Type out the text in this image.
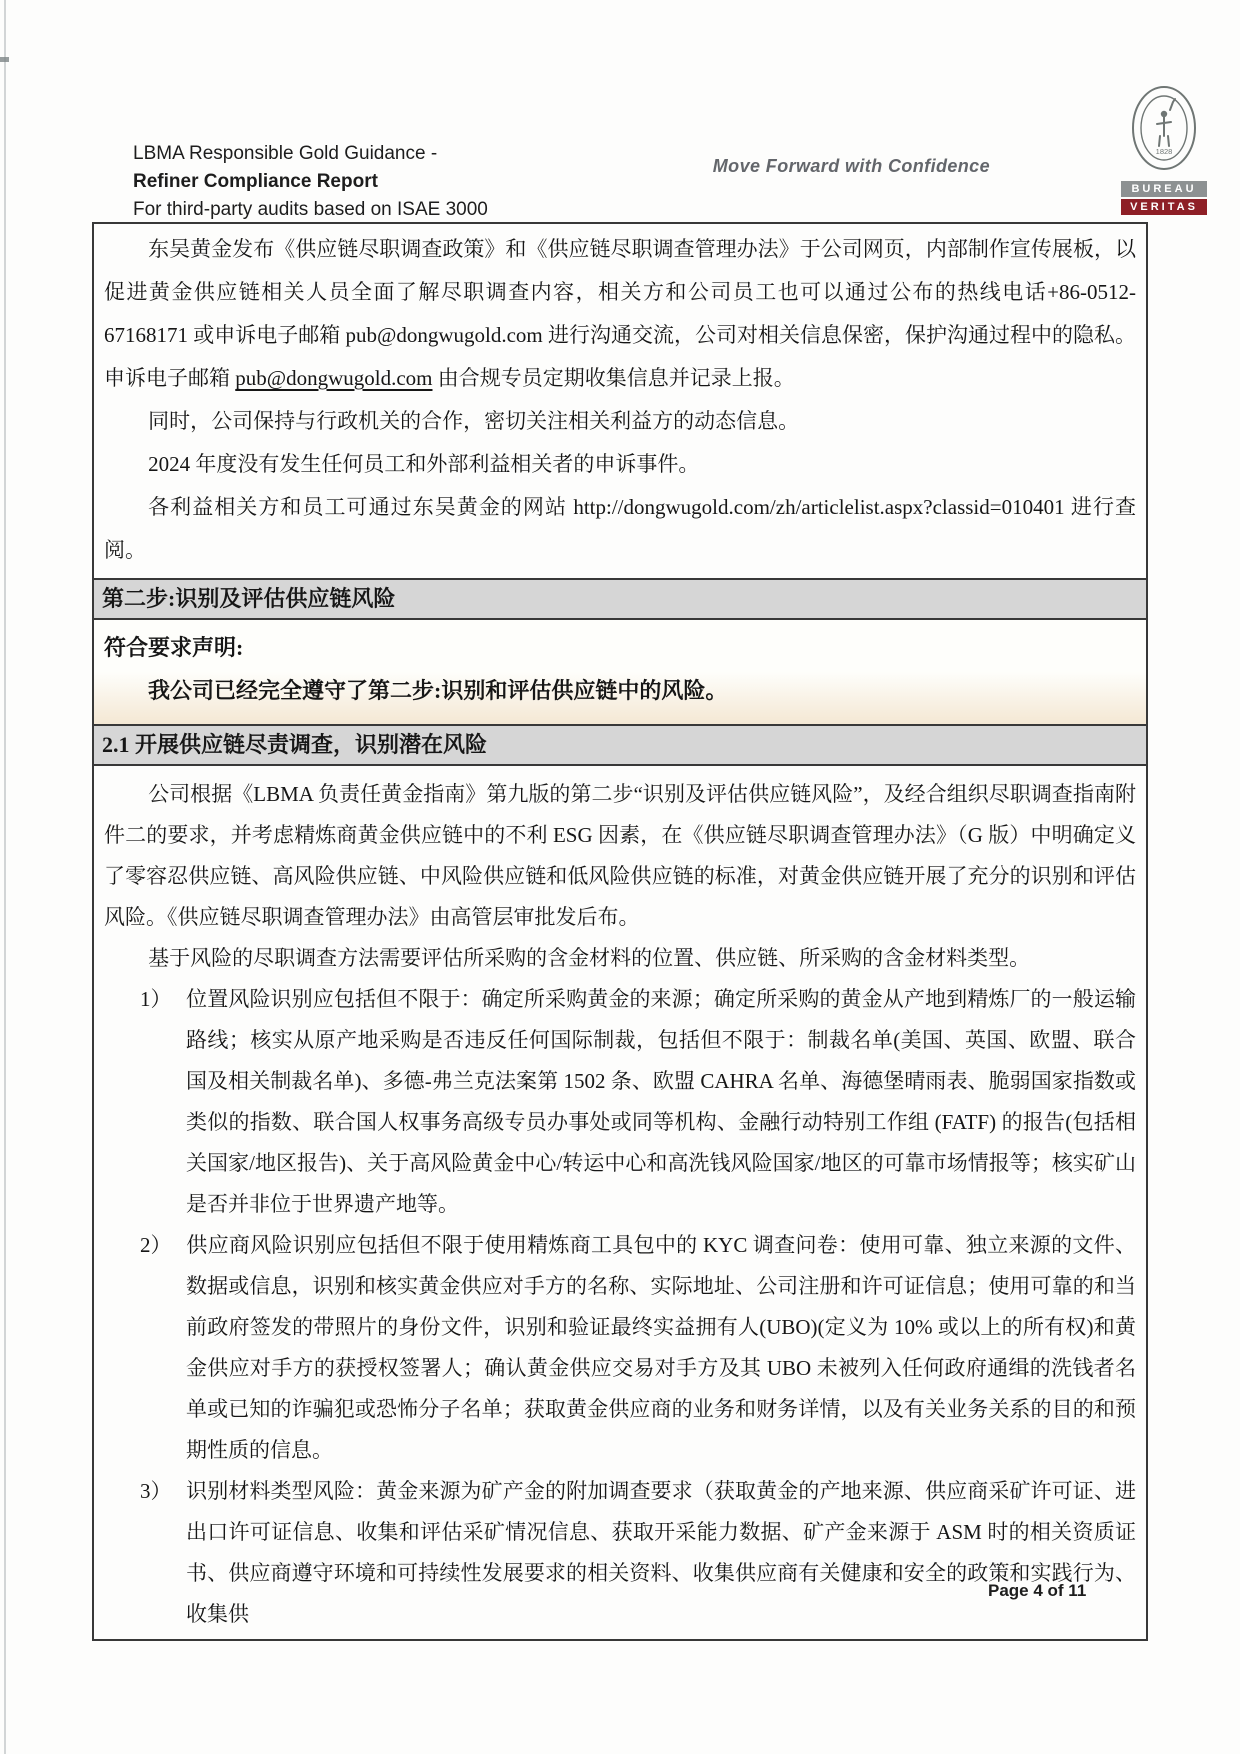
LBMA Responsible Gold Guidance -
Refiner Compliance Report
For third-party audits based on ISAE 3000
Move Forward with Confidence
1828
BUREAU
VERITAS

东吴黄金发布《供应链尽职调查政策》和《供应链尽职调查管理办法》于公司网页，内部制作宣传展板，以促进黄金供应链相关人员全面了解尽职调查内容，相关方和公司员工也可以通过公布的热线电话+86-0512-67168171 或申诉电子邮箱 pub@dongwugold.com 进行沟通交流，公司对相关信息保密，保护沟通过程中的隐私。申诉电子邮箱 pub@dongwugold.com 由合规专员定期收集信息并记录上报。

同时，公司保持与行政机关的合作，密切关注相关利益方的动态信息。

2024 年度没有发生任何员工和外部利益相关者的申诉事件。

各利益相关方和员工可通过东吴黄金的网站 http://dongwugold.com/zh/articlelist.aspx?classid=010401 进行查阅。

第二步:识别及评估供应链风险

符合要求声明:

我公司已经完全遵守了第二步:识别和评估供应链中的风险。

2.1 开展供应链尽责调查，识别潜在风险

公司根据《LBMA 负责任黄金指南》第九版的第二步“识别及评估供应链风险”，及经合组织尽职调查指南附件二的要求，并考虑精炼商黄金供应链中的不利 ESG 因素，在《供应链尽职调查管理办法》（G 版）中明确定义了零容忍供应链、高风险供应链、中风险供应链和低风险供应链的标准，对黄金供应链开展了充分的识别和评估风险。《供应链尽职调查管理办法》由高管层审批发后布。

基于风险的尽职调查方法需要评估所采购的含金材料的位置、供应链、所采购的含金材料类型。

1） 位置风险识别应包括但不限于：确定所采购黄金的来源；确定所采购的黄金从产地到精炼厂的一般运输路线；核实从原产地采购是否违反任何国际制裁，包括但不限于：制裁名单(美国、英国、欧盟、联合国及相关制裁名单)、多德-弗兰克法案第 1502 条、欧盟 CAHRA 名单、海德堡晴雨表、脆弱国家指数或类似的指数、联合国人权事务高级专员办事处或同等机构、金融行动特别工作组 (FATF) 的报告(包括相关国家/地区报告)、关于高风险黄金中心/转运中心和高洗钱风险国家/地区的可靠市场情报等；核实矿山是否并非位于世界遗产地等。
2） 供应商风险识别应包括但不限于使用精炼商工具包中的 KYC 调查问卷：使用可靠、独立来源的文件、数据或信息，识别和核实黄金供应对手方的名称、实际地址、公司注册和许可证信息；使用可靠的和当前政府签发的带照片的身份文件，识别和验证最终实益拥有人(UBO)(定义为 10% 或以上的所有权)和黄金供应对手方的获授权签署人；确认黄金供应交易对手方及其 UBO 未被列入任何政府通缉的洗钱者名单或已知的诈骗犯或恐怖分子名单；获取黄金供应商的业务和财务详情，以及有关业务关系的目的和预期性质的信息。
3） 识别材料类型风险：黄金来源为矿产金的附加调查要求（获取黄金的产地来源、供应商采矿许可证、进出口许可证信息、收集和评估采矿情况信息、获取开采能力数据、矿产金来源于 ASM 时的相关资质证书、供应商遵守环境和可持续性发展要求的相关资料、收集供应商有关健康和安全的政策和实践行为、收集供
Page 4 of 11
